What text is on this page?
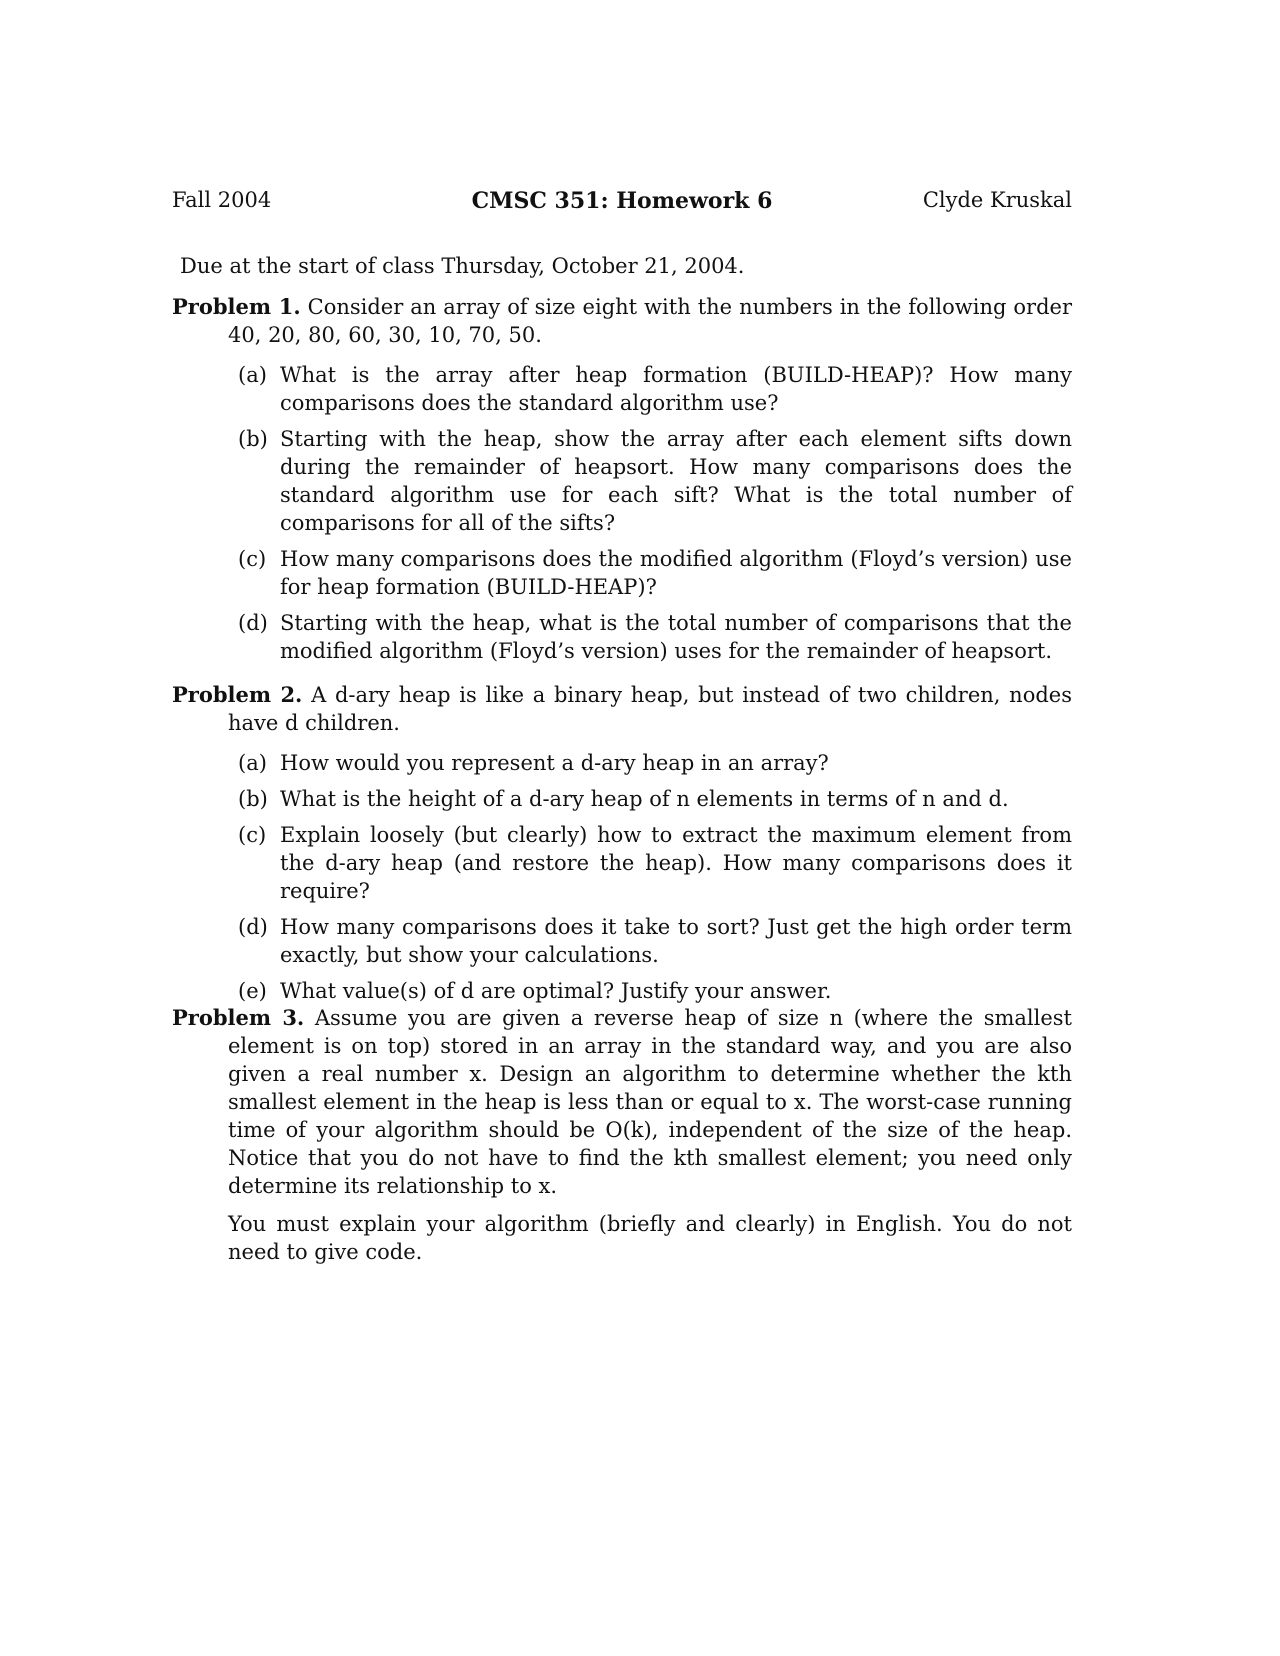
Fall 2004	CMSC 351: Homework 6	Clyde Kruskal
Due at the start of class Thursday, October 21, 2004.
Problem 1. Consider an array of size eight with the numbers in the following order 40, 20, 80, 60, 30, 10, 70, 50.
(a) What is the array after heap formation (BUILD-HEAP)? How many comparisons does the standard algorithm use?
(b) Starting with the heap, show the array after each element sifts down during the remainder of heapsort. How many comparisons does the standard algorithm use for each sift? What is the total number of comparisons for all of the sifts?
(c) How many comparisons does the modified algorithm (Floyd’s version) use for heap formation (BUILD-HEAP)?
(d) Starting with the heap, what is the total number of comparisons that the modified algorithm (Floyd’s version) uses for the remainder of heapsort.
Problem 2. A d-ary heap is like a binary heap, but instead of two children, nodes have d children.
(a) How would you represent a d-ary heap in an array?
(b) What is the height of a d-ary heap of n elements in terms of n and d.
(c) Explain loosely (but clearly) how to extract the maximum element from the d-ary heap (and restore the heap). How many comparisons does it require?
(d) How many comparisons does it take to sort? Just get the high order term exactly, but show your calculations.
(e) What value(s) of d are optimal? Justify your answer.
Problem 3. Assume you are given a reverse heap of size n (where the smallest element is on top) stored in an array in the standard way, and you are also given a real number x. Design an algorithm to determine whether the kth smallest element in the heap is less than or equal to x. The worst-case running time of your algorithm should be O(k), independent of the size of the heap. Notice that you do not have to find the kth smallest element; you need only determine its relationship to x.
You must explain your algorithm (briefly and clearly) in English. You do not need to give code.
